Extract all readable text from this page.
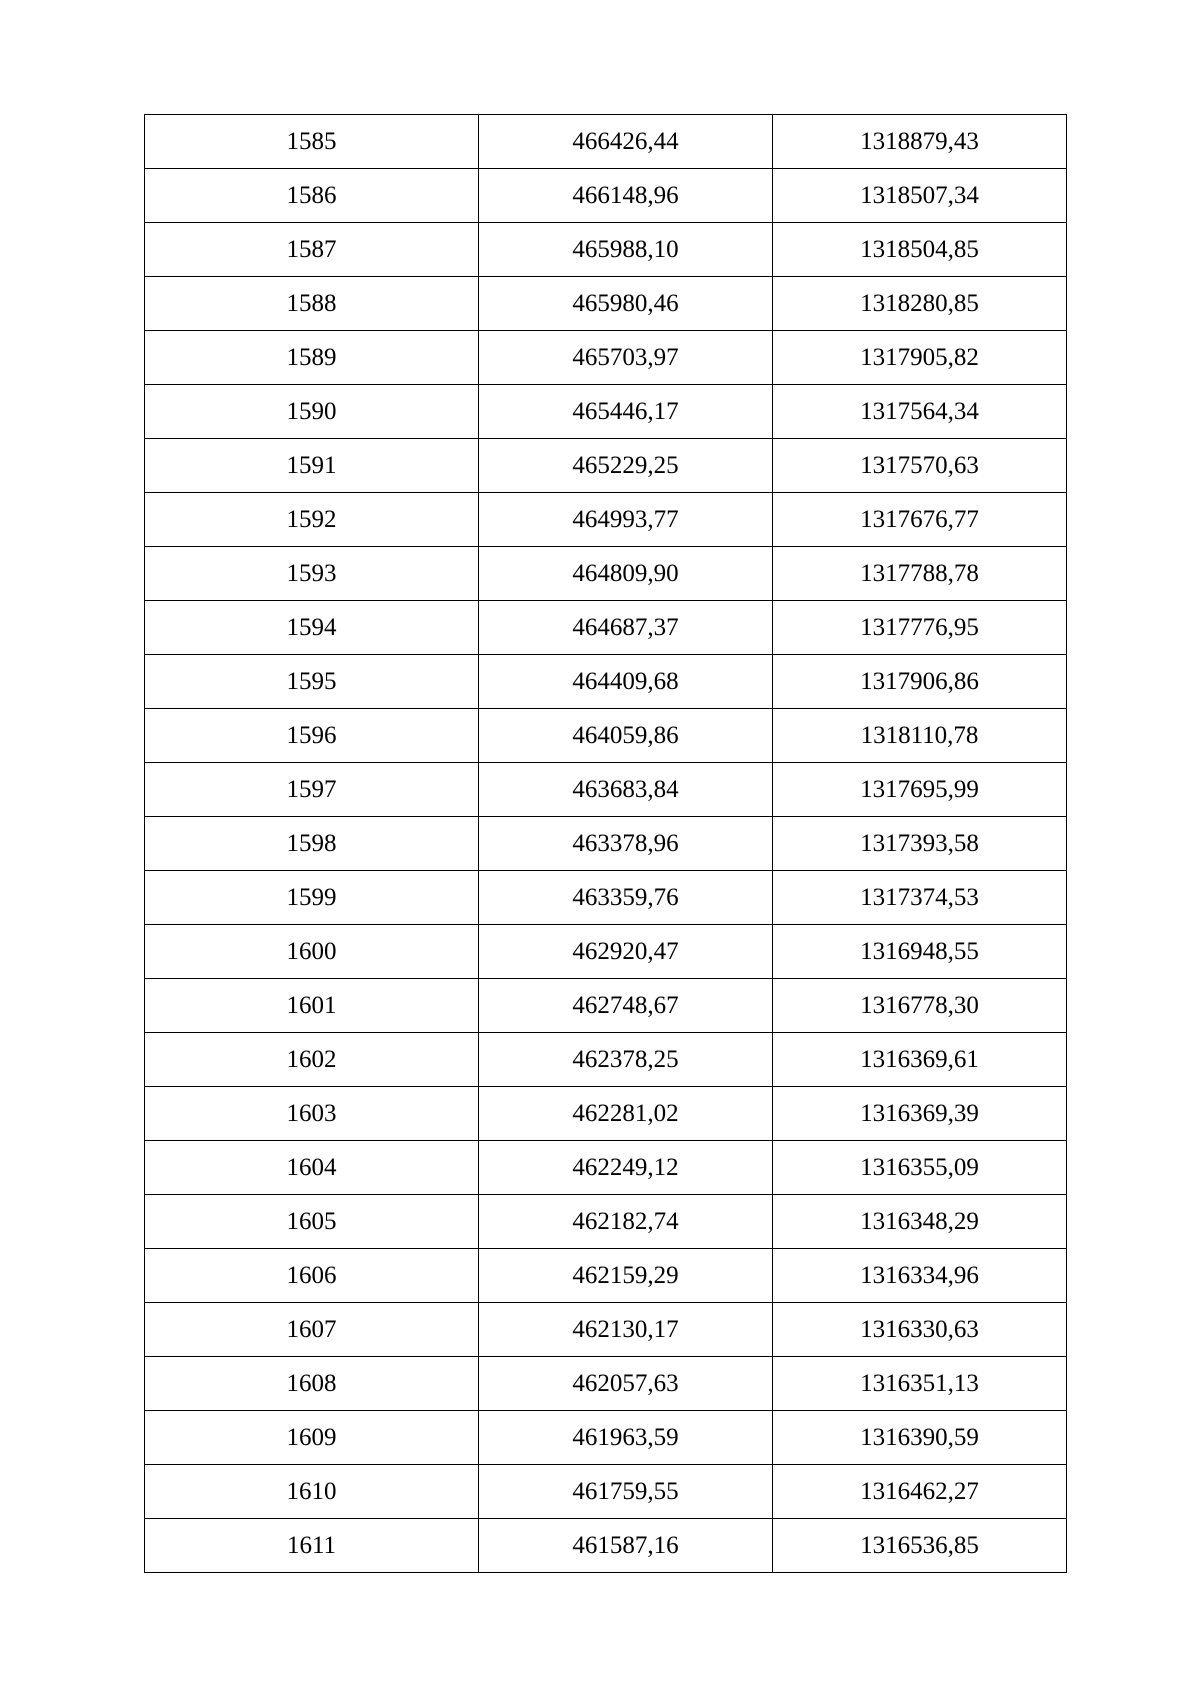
1585	466426,44	1318879,43
1586	466148,96	1318507,34
1587	465988,10	1318504,85
1588	465980,46	1318280,85
1589	465703,97	1317905,82
1590	465446,17	1317564,34
1591	465229,25	1317570,63
1592	464993,77	1317676,77
1593	464809,90	1317788,78
1594	464687,37	1317776,95
1595	464409,68	1317906,86
1596	464059,86	1318110,78
1597	463683,84	1317695,99
1598	463378,96	1317393,58
1599	463359,76	1317374,53
1600	462920,47	1316948,55
1601	462748,67	1316778,30
1602	462378,25	1316369,61
1603	462281,02	1316369,39
1604	462249,12	1316355,09
1605	462182,74	1316348,29
1606	462159,29	1316334,96
1607	462130,17	1316330,63
1608	462057,63	1316351,13
1609	461963,59	1316390,59
1610	461759,55	1316462,27
1611	461587,16	1316536,85
